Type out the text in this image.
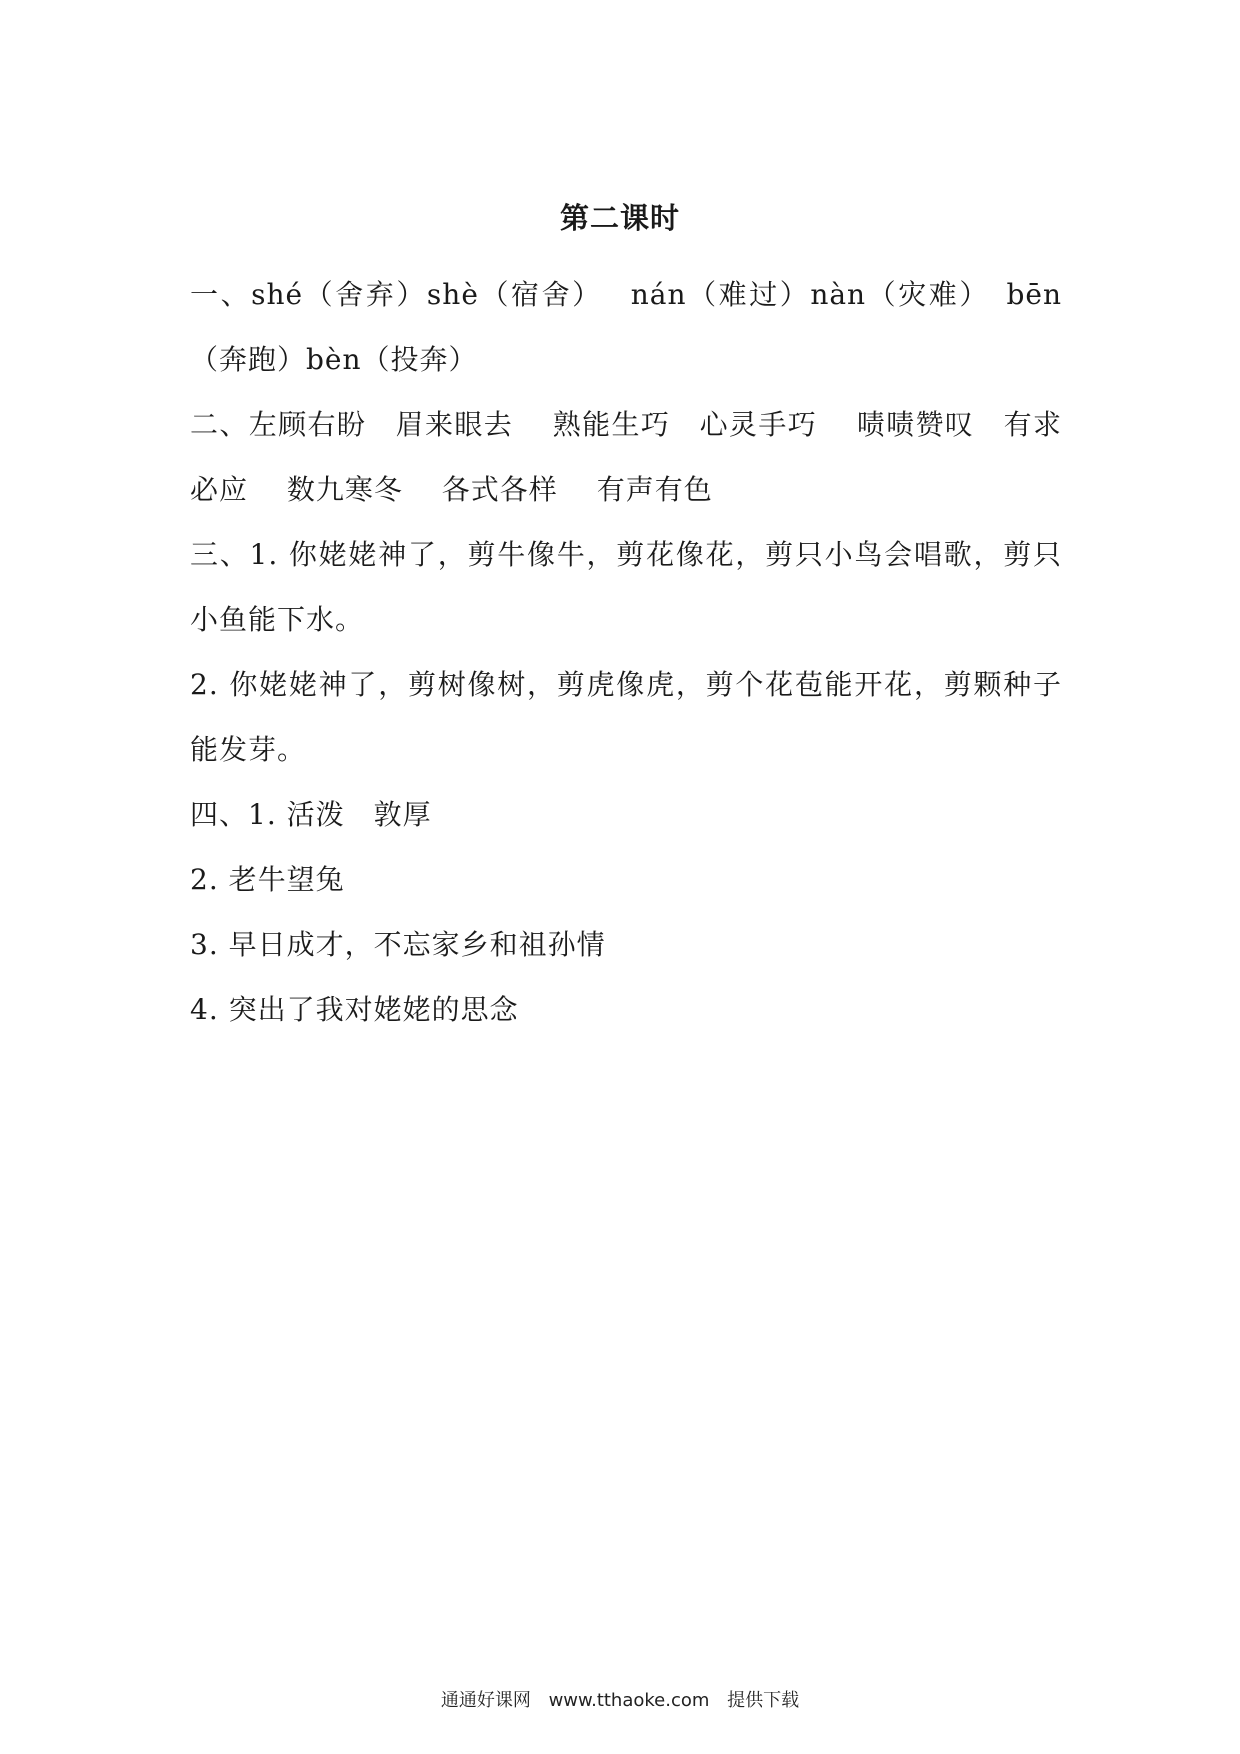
第二课时

一、shé（舍弃）shè（宿舍）　 nán（难过）nàn（灾难）　bēn（奔跑）bèn（投奔）

二、左顾右盼　眉来眼去　 熟能生巧　心灵手巧　 啧啧赞叹　有求必应　 数九寒冬　 各式各样　 有声有色

三、1. 你姥姥神了，剪牛像牛，剪花像花，剪只小鸟会唱歌，剪只小鱼能下水。

2. 你姥姥神了，剪树像树，剪虎像虎，剪个花苞能开花，剪颗种子能发芽。

四、1. 活泼　敦厚

2. 老牛望兔

3. 早日成才，不忘家乡和祖孙情

4. 突出了我对姥姥的思念

通通好课网 www.tthaoke.com 提供下载
